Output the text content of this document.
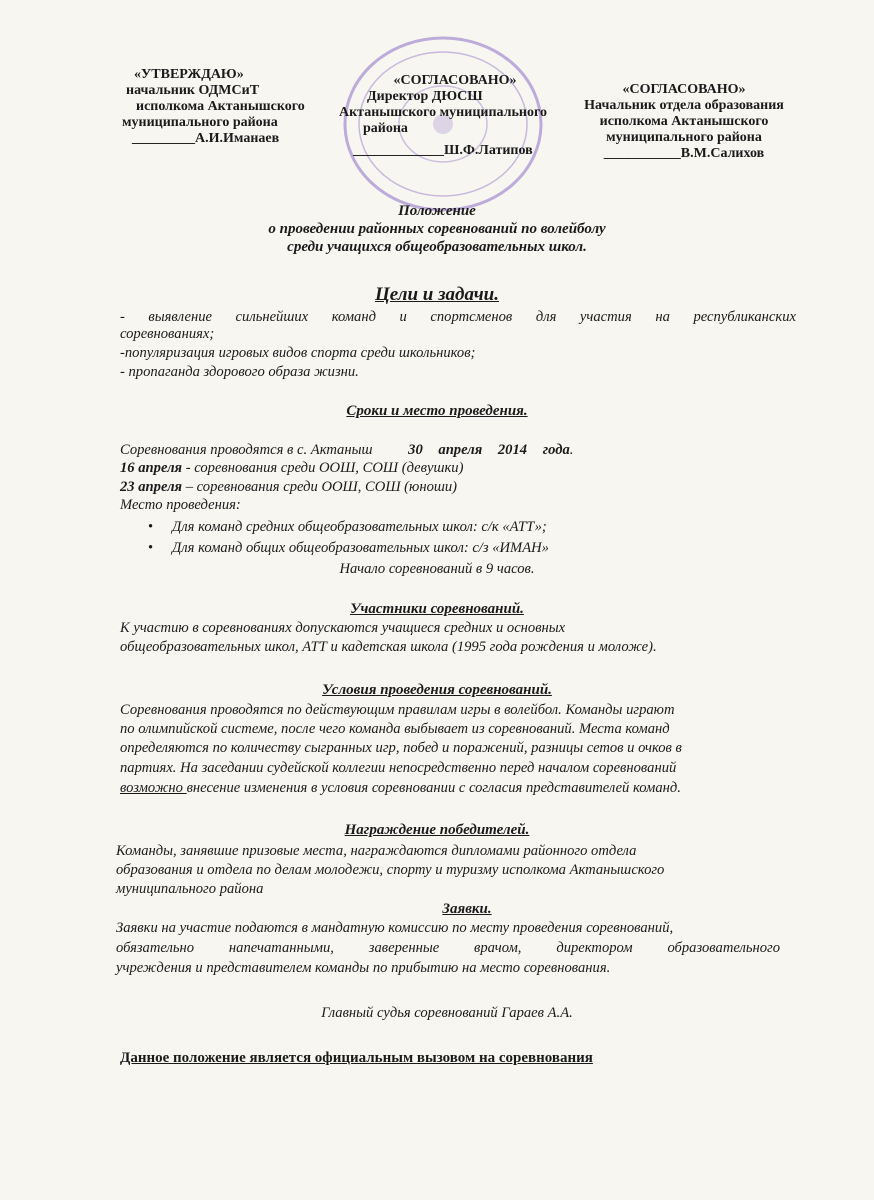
«УТВЕРЖДАЮ»
начальник ОДМСиТ
исполкома Актанышского
муниципального района
_________А.И.Иманаев
«СОГЛАСОВАНО»
Директор ДЮСШ
Актанышского муниципального
района
_____________Ш.Ф.Латипов
«СОГЛАСОВАНО»
Начальник отдела образования
исполкома Актанышского
муниципального района
___________В.М.Салихов
Положение
о проведении районных соревнований по волейболу
среди учащихся общеобразовательных школ.
Цели и задачи.
- выявление сильнейших команд и спортсменов для участия на республиканских
соревнованиях;
-популяризация игровых видов спорта среди школьников;
- пропаганда здорового образа жизни.
Сроки и место проведения.
Соревнования проводятся в с. Актаныш 30 апреля 2014 года.
16 апреля - соревнования среди ООШ, СОШ (девушки)
23 апреля – соревнования среди ООШ, СОШ (юноши)
Место проведения:
• Для команд средних общеобразовательных школ: с/к «АТТ»;
• Для команд общих общеобразовательных школ: с/з «ИМАН»
Начало соревнований в 9 часов.
Участники соревнований.
К участию в соревнованиях допускаются учащиеся средних и основных
общеобразовательных школ, АТТ и кадетская школа (1995 года рождения и моложе).
Условия проведения соревнований.
Соревнования проводятся по действующим правилам игры в волейбол. Команды играют
по олимпийской системе, после чего команда выбывает из соревнований. Места команд
определяются по количеству сыгранных игр, побед и поражений, разницы сетов и очков в
партиях. На заседании судейской коллегии непосредственно перед началом соревнований
возможно внесение изменения в условия соревновании с согласия представителей команд.
Награждение победителей.
Команды, занявшие призовые места, награждаются дипломами районного отдела
образования и отдела по делам молодежи, спорту и туризму исполкома Актанышского
муниципального района
Заявки.
Заявки на участие подаются в мандатную комиссию по месту проведения соревнований,
обязательно напечатанными, заверенные врачом, директором образовательного
учреждения и представителем команды по прибытию на место соревнования.
Главный судья соревнований Гараев А.А.
Данное положение является официальным вызовом на соревнования
